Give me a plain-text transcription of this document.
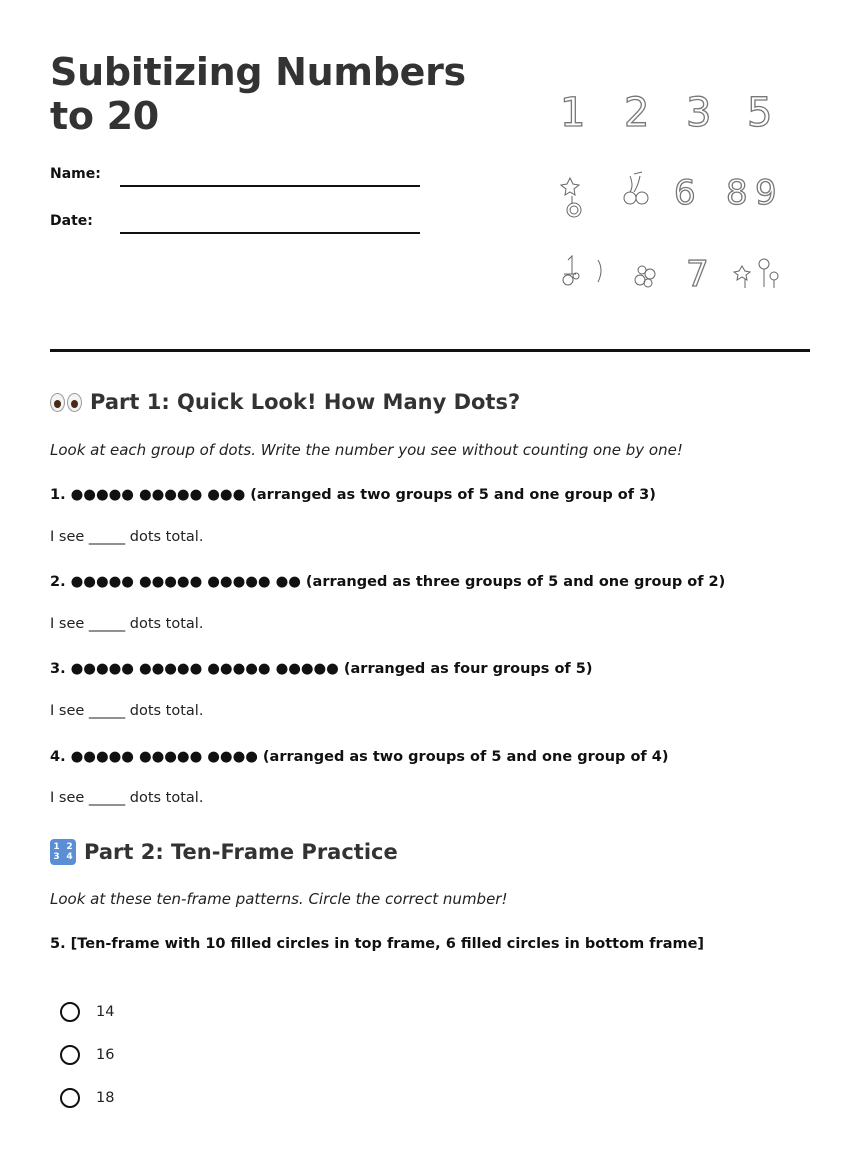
Subitizing Numbers to 20
Name:
Date:
1 2 3 5
6 8 9
7
Part 1: Quick Look! How Many Dots?
Look at each group of dots. Write the number you see without counting one by one!
1. ●●●●● ●●●●● ●●● (arranged as two groups of 5 and one group of 3)
I see _____ dots total.
2. ●●●●● ●●●●● ●●●●● ●● (arranged as three groups of 5 and one group of 2)
I see _____ dots total.
3. ●●●●● ●●●●● ●●●●● ●●●●● (arranged as four groups of 5)
I see _____ dots total.
4. ●●●●● ●●●●● ●●●● (arranged as two groups of 5 and one group of 4)
I see _____ dots total.
1 2
3 4 Part 2: Ten-Frame Practice
Look at these ten-frame patterns. Circle the correct number!
5. [Ten-frame with 10 filled circles in top frame, 6 filled circles in bottom frame]
14
16
18
